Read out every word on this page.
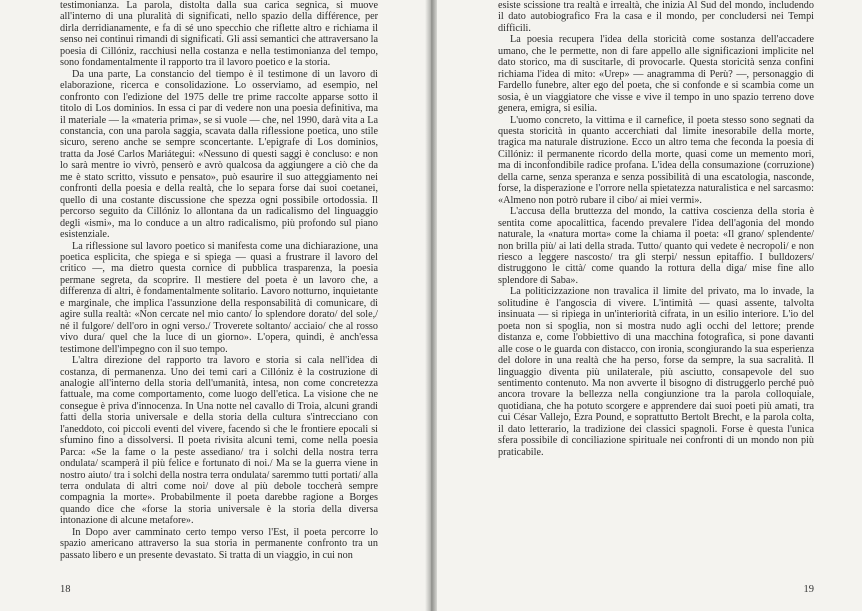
testimonianza. La parola, distolta dalla sua carica segnica, si muove all'interno di una pluralità di significati, nello spazio della différence, per dirla derridianamente, e fa di sé uno specchio che riflette altro e richiama il senso nei continui rimandi di significati. Gli assi semantici che attraversano la poesia di Cillóniz, racchiusi nella costanza e nella testimonianza del tempo, sono fondamentalmente il rapporto tra il lavoro poetico e la storia.

Da una parte, La constancio del tiempo è il testimone di un lavoro di elaborazione, ricerca e consolidazione. Lo osserviamo, ad esempio, nel confronto con l'edizione del 1975 delle tre prime raccolte apparse sotto il titolo di Los dominios. In essa ci par di vedere non una poesia definitiva, ma il materiale — la «materia prima», se si vuole — che, nel 1990, darà vita a La constancia, con una parola saggia, scavata dalla riflessione poetica, uno stile sicuro, sereno anche se sempre sconcertante. L'epigrafe di Los dominios, tratta da José Carlos Mariátegui: «Nessuno di questi saggi è concluso: e non lo sarà mentre io vivrò, penserò e avrò qualcosa da aggiungere a ciò che da me è stato scritto, vissuto e pensato», può esaurire il suo atteggiamento nei confronti della poesia e della realtà, che lo separa forse dai suoi coetanei, quello di una costante discussione che spezza ogni possibile ortodossia. Il percorso seguito da Cillóniz lo allontana da un radicalismo del linguaggio degli «ismi», ma lo conduce a un altro radicalismo, più profondo sul piano esistenziale.

La riflessione sul lavoro poetico si manifesta come una dichiarazione, una poetica esplicita, che spiega e si spiega — quasi a frustrare il lavoro del critico —, ma dietro questa cornice di pubblica trasparenza, la poesia permane segreta, da scoprire. Il mestiere del poeta è un lavoro che, a differenza di altri, è fondamentalmente solitario. Lavoro notturno, inquietante e marginale, che implica l'assunzione della responsabilità di comunicare, di agire sulla realtà: «Non cercate nel mio canto/ lo splendore dorato/ del sole,/ né il fulgore/ dell'oro in ogni verso./ Troverete soltanto/ acciaio/ che al rosso vivo dura/ quel che la luce di un giorno». L'opera, quindi, è anch'essa testimone dell'impegno con il suo tempo.

L'altra direzione del rapporto tra lavoro e storia si cala nell'idea di costanza, di permanenza. Uno dei temi cari a Cillóniz è la costruzione di analogie all'interno della storia dell'umanità, intesa, non come concretezza fattuale, ma come comportamento, come luogo dell'etica. La visione che ne consegue è priva d'innocenza. In Una notte nel cavallo di Troia, alcuni grandi fatti della storia universale e della storia della cultura s'intrecciano con l'aneddoto, coi piccoli eventi del vivere, facendo sì che le frontiere epocali si sfumino fino a dissolversi. Il poeta rivisita alcuni temi, come nella poesia Parca: «Se la fame o la peste assediano/ tra i solchi della nostra terra ondulata/ scamperà il più felice e fortunato di noi./ Ma se la guerra viene in nostro aiuto/ tra i solchi della nostra terra ondulata/ saremmo tutti portati/ alla terra ondulata di altri come noi/ dove al più debole toccherà sempre compagnia la morte». Probabilmente il poeta darebbe ragione a Borges quando dice che «forse la storia universale è la storia della diversa intonazione di alcune metafore».

In Dopo aver camminato certo tempo verso l'Est, il poeta percorre lo spazio americano attraverso la sua storia in permanente confronto tra un passato libero e un presente devastato. Si tratta di un viaggio, in cui non

18

esiste scissione tra realtà e irrealtà, che inizia Al Sud del mondo, includendo il dato autobiografico Fra la casa e il mondo, per concludersi nei Tempi difficili.

La poesia recupera l'idea della storicità come sostanza dell'accadere umano, che le permette, non di fare appello alle significazioni implicite nel dato storico, ma di suscitarle, di provocarle. Questa storicità senza confini richiama l'idea di mito: «Urep» — anagramma di Perù? —, personaggio di Fardello funebre, alter ego del poeta, che si confonde e si scambia come un sosia, è un viaggiatore che visse e vive il tempo in uno spazio terreno dove genera, emigra, si esilia.

L'uomo concreto, la vittima e il carnefice, il poeta stesso sono segnati da questa storicità in quanto accerchiati dal limite inesorabile della morte, tragica ma naturale distruzione. Ecco un altro tema che feconda la poesia di Cillóniz: il permanente ricordo della morte, quasi come un memento mori, ma di inconfondibile radice profana. L'idea della consumazione (corruzione) della carne, senza speranza e senza possibilità di una escatologia, nasconde, forse, la disperazione e l'orrore nella spietatezza naturalistica e nel sarcasmo: «Almeno non potrò rubare il cibo/ ai miei vermi».

L'accusa della bruttezza del mondo, la cattiva coscienza della storia è sentita come apocalittica, facendo prevalere l'idea dell'agonia del mondo naturale, la «natura morta» come la chiama il poeta: «Il grano/ splendente/ non brilla più/ ai lati della strada. Tutto/ quanto qui vedete è necropoli/ e non riesco a leggere nascosto/ tra gli sterpi/ nessun epitaffio. I bulldozers/ distruggono le città/ come quando la rottura della diga/ mise fine allo splendore di Saba».

La politicizzazione non travalica il limite del privato, ma lo invade, la solitudine è l'angoscia di vivere. L'intimità — quasi assente, talvolta insinuata — si ripiega in un'interiorità cifrata, in un esilio interiore. L'io del poeta non si spoglia, non si mostra nudo agli occhi del lettore; prende distanza e, come l'obbiettivo di una macchina fotografica, si pone davanti alle cose o le guarda con distacco, con ironia, scongiurando la sua esperienza del dolore in una realtà che ha perso, forse da sempre, la sua sacralità. Il linguaggio diventa più unilaterale, più asciutto, consapevole del suo sentimento contenuto. Ma non avverte il bisogno di distruggerlo perché può ancora trovare la bellezza nella congiunzione tra la parola colloquiale, quotidiana, che ha potuto scorgere e apprendere dai suoi poeti più amati, tra cui César Vallejo, Ezra Pound, e soprattutto Bertolt Brecht, e la parola colta, il dato letterario, la tradizione dei classici spagnoli. Forse è questa l'unica sfera possibile di conciliazione spirituale nei confronti di un mondo non più praticabile.

19
